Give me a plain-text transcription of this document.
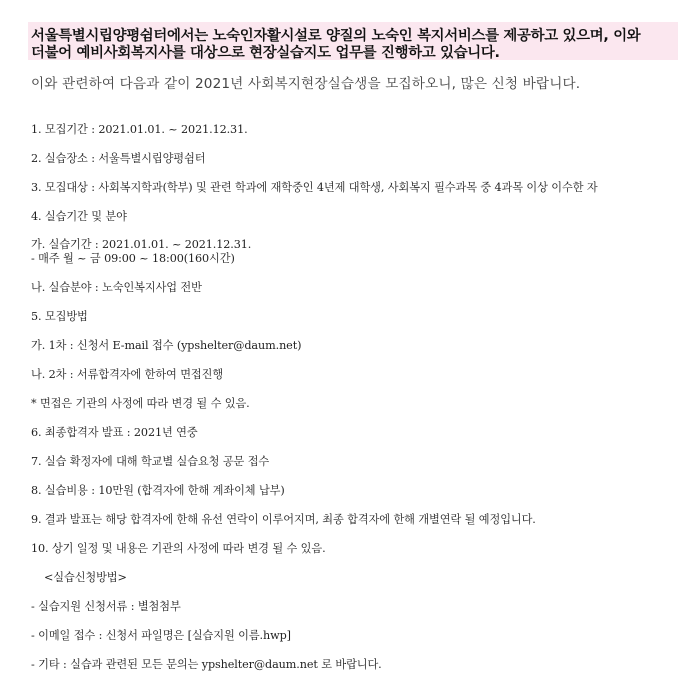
서울특별시립양평쉼터에서는 노숙인자활시설로 양질의 노숙인 복지서비스를 제공하고 있으며, 이와
더불어 예비사회복지사를 대상으로 현장실습지도 업무를 진행하고 있습니다.
이와 관련하여 다음과 같이 2021년 사회복지현장실습생을 모집하오니, 많은 신청 바랍니다.
1. 모집기간 : 2021.01.01. ~ 2021.12.31.
2. 실습장소 : 서울특별시립양평쉼터
3. 모집대상 : 사회복지학과(학부) 및 관련 학과에 재학중인 4년제 대학생, 사회복지 필수과목 중 4과목 이상 이수한 자
4. 실습기간 및 분야
가. 실습기간 : 2021.01.01. ~ 2021.12.31.
- 매주 월 ~ 금 09:00 ~ 18:00(160시간)
나. 실습분야 : 노숙인복지사업 전반
5. 모집방법
가. 1차 : 신청서 E-mail 접수 (ypshelter@daum.net)
나. 2차 : 서류합격자에 한하여 면접진행
* 면접은 기관의 사정에 따라 변경 될 수 있음.
6. 최종합격자 발표 : 2021년 연중
7. 실습 확정자에 대해 학교별 실습요청 공문 접수
8. 실습비용 : 10만원 (합격자에 한해 계좌이체 납부)
9. 결과 발표는 해당 합격자에 한해 유선 연락이 이루어지며, 최종 합격자에 한해 개별연락 될 예정입니다.
10. 상기 일정 및 내용은 기관의 사정에 따라 변경 될 수 있음.
<실습신청방법>
- 실습지원 신청서류 : 별첨첨부
- 이메일 접수 : 신청서 파일명은 [실습지원 이름.hwp]
- 기타 : 실습과 관련된 모든 문의는 ypshelter@daum.net 로 바랍니다.
